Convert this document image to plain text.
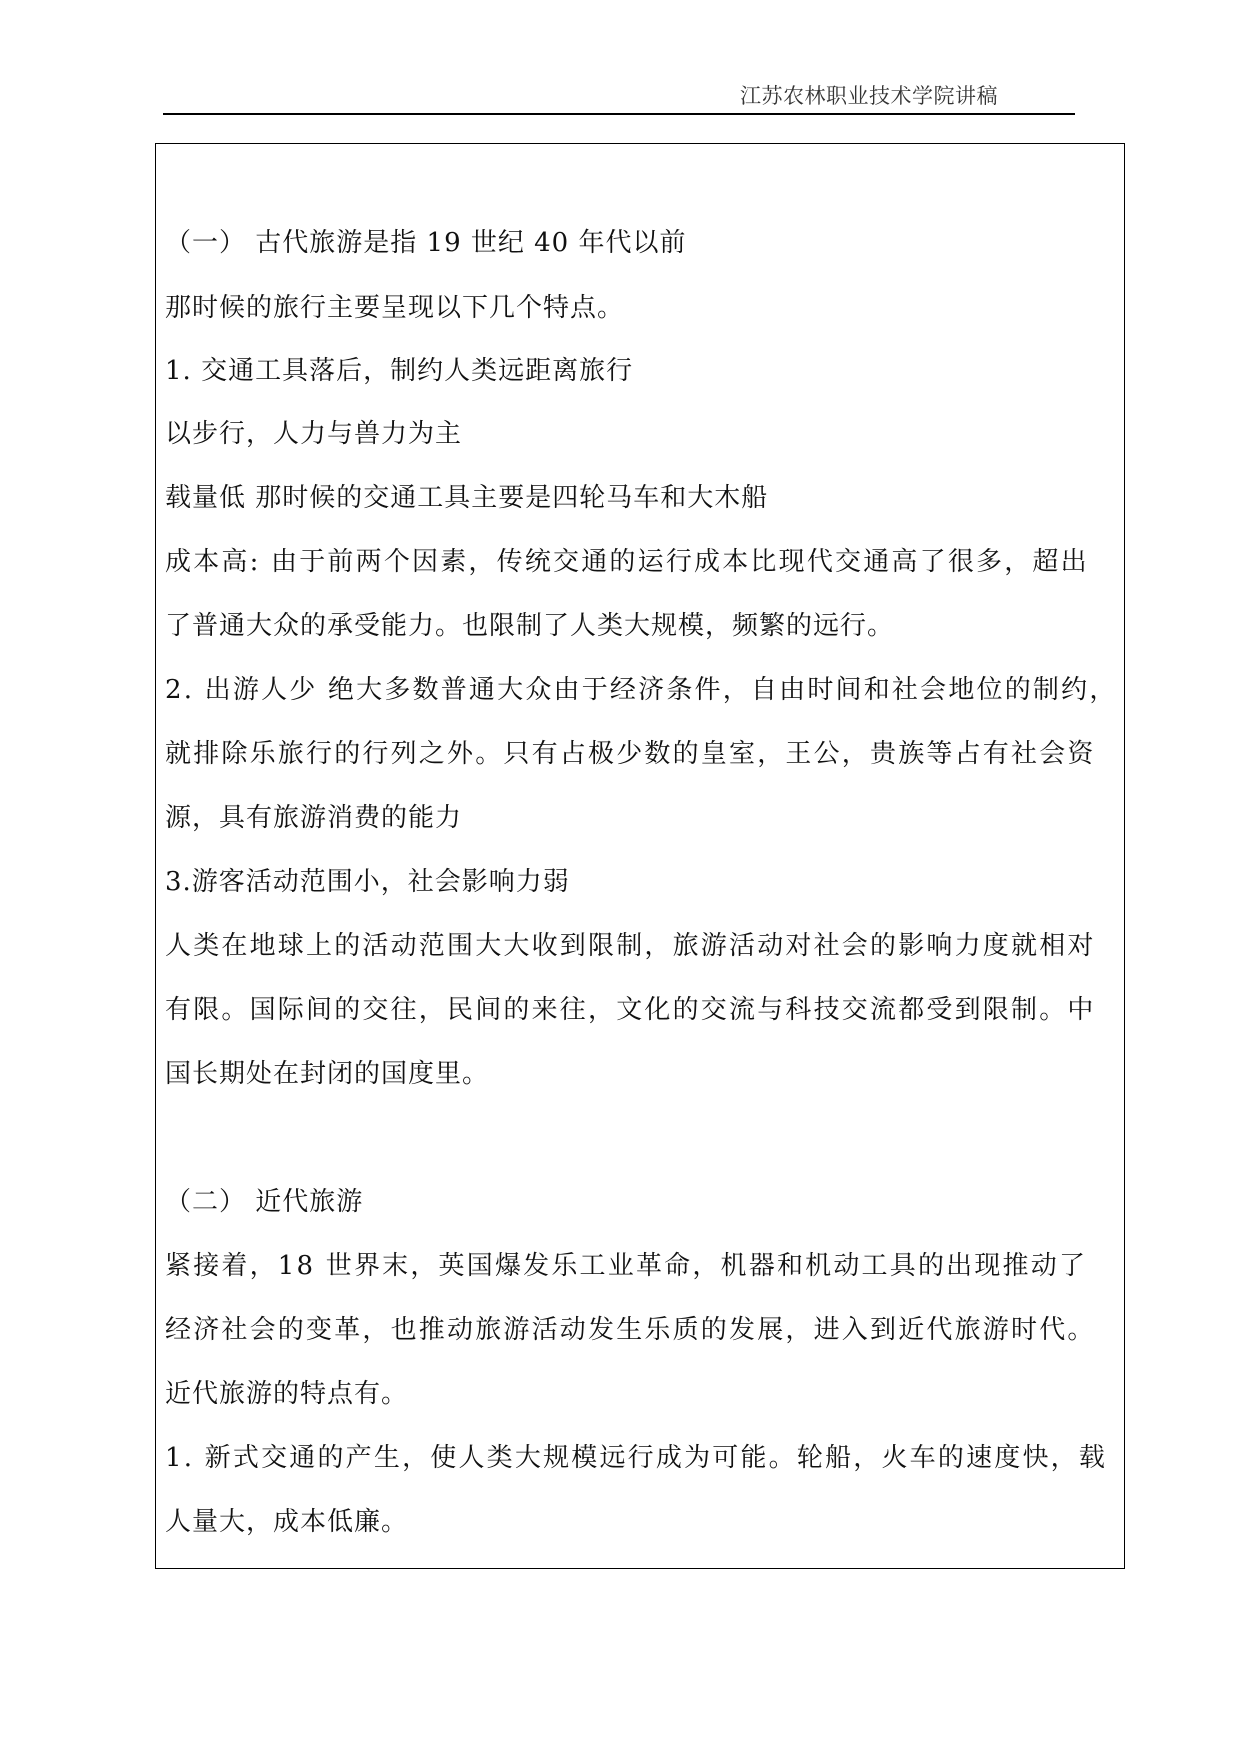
江苏农林职业技术学院讲稿
（一） 古代旅游是指 19 世纪 40 年代以前
那时候的旅行主要呈现以下几个特点。
1. 交通工具落后，制约人类远距离旅行
以步行，人力与兽力为主
载量低 那时候的交通工具主要是四轮马车和大木船
成本高: 由于前两个因素，传统交通的运行成本比现代交通高了很多，超出
了普通大众的承受能力。也限制了人类大规模，频繁的远行。
2. 出游人少 绝大多数普通大众由于经济条件，自由时间和社会地位的制约，
就排除乐旅行的行列之外。只有占极少数的皇室，王公，贵族等占有社会资
源，具有旅游消费的能力
3.游客活动范围小，社会影响力弱
人类在地球上的活动范围大大收到限制，旅游活动对社会的影响力度就相对
有限。国际间的交往，民间的来往，文化的交流与科技交流都受到限制。中
国长期处在封闭的国度里。
（二） 近代旅游
紧接着，18 世界末，英国爆发乐工业革命，机器和机动工具的出现推动了
经济社会的变革，也推动旅游活动发生乐质的发展，进入到近代旅游时代。
近代旅游的特点有。
1. 新式交通的产生，使人类大规模远行成为可能。轮船，火车的速度快，载
人量大，成本低廉。
